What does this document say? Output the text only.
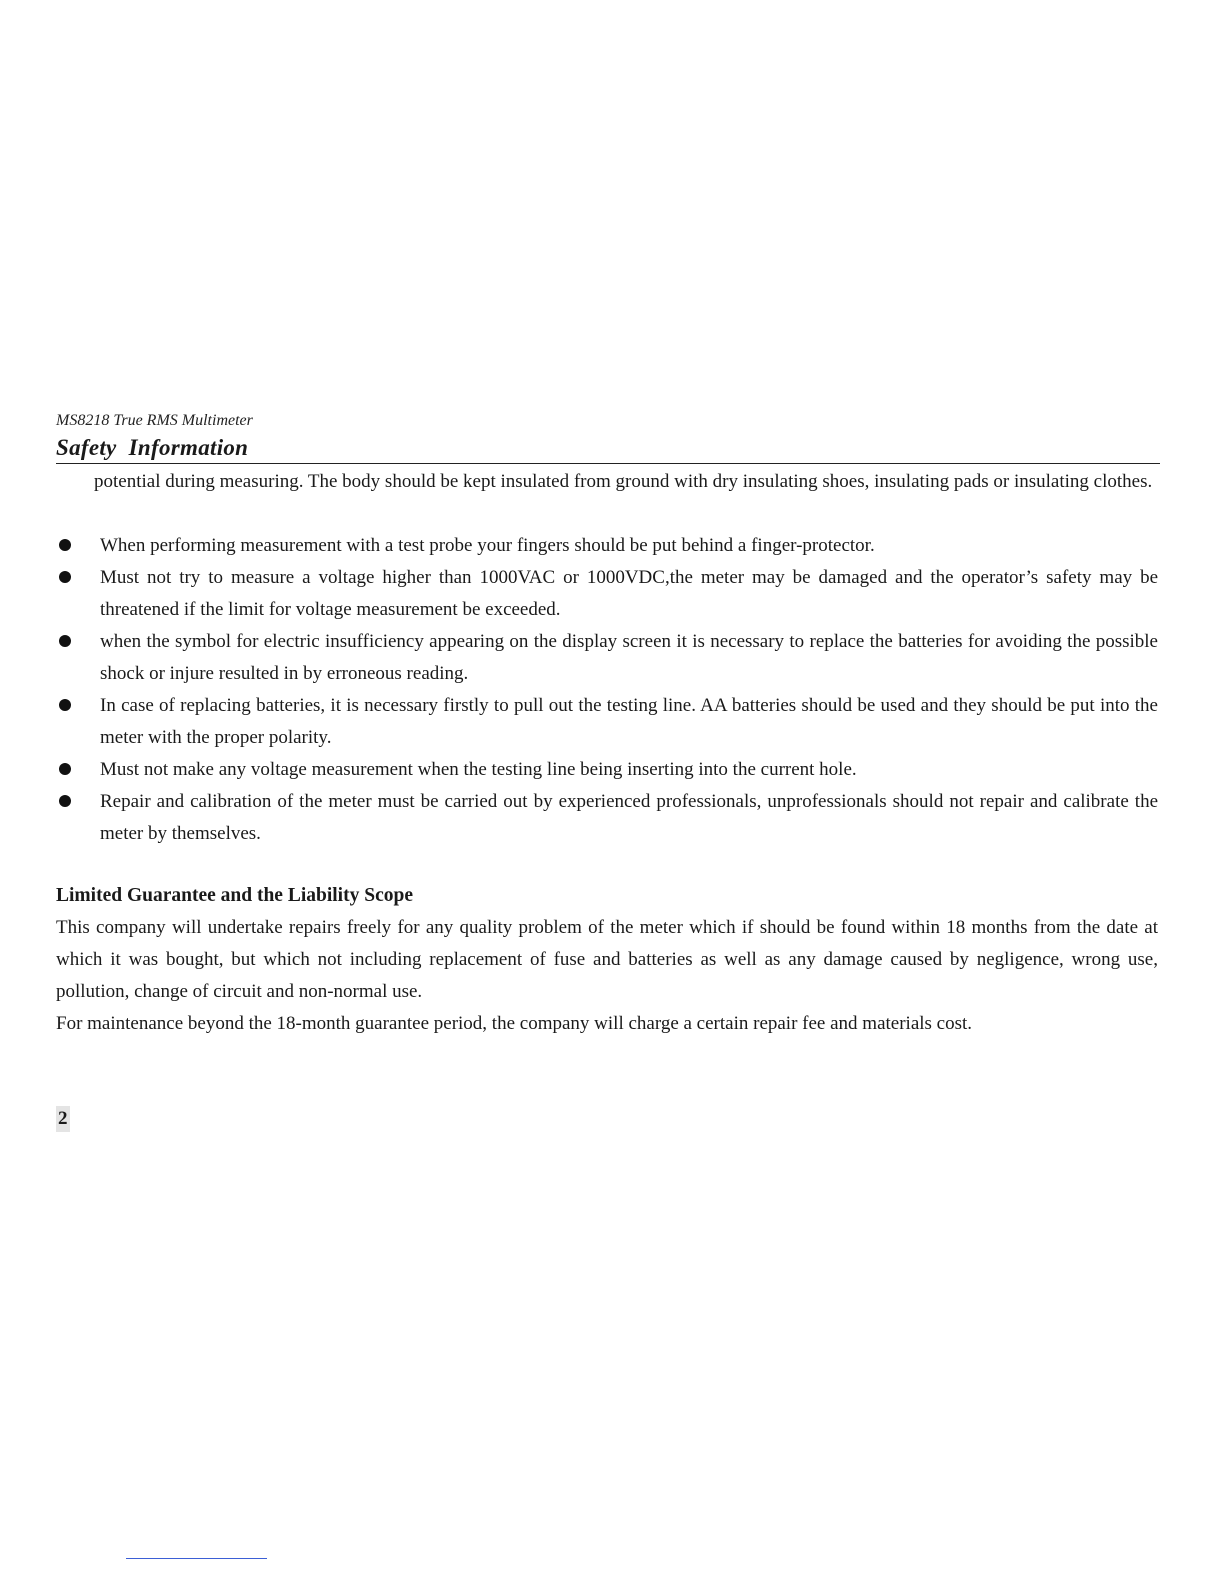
MS8218 True RMS Multimeter
Safety  Information
potential during measuring. The body should be kept insulated from ground with dry insulating shoes, insulating pads or insulating clothes.
When performing measurement with a test probe your fingers should be put behind a finger-protector.
Must not try to measure a voltage higher than 1000VAC or 1000VDC,the meter may be damaged and the operator’s safety may be threatened if the limit for voltage measurement be exceeded.
when the symbol for electric insufficiency appearing on the display screen it is necessary to replace the batteries for avoiding the possible shock or injure resulted in by erroneous reading.
In case of replacing batteries, it is necessary firstly to pull out the testing line. AA batteries should be used and they should be put into the meter with the proper polarity.
Must not make any voltage measurement when the testing line being inserting into the current hole.
Repair and calibration of the meter must be carried out by experienced professionals, unprofessionals should not repair and calibrate the meter by themselves.
Limited Guarantee and the Liability Scope
This company will undertake repairs freely for any quality problem of the meter which if should be found within 18 months from the date at which it was bought, but which not including replacement of fuse and batteries as well as any damage caused by negligence, wrong use, pollution, change of circuit and non-normal use.
For maintenance beyond the 18-month guarantee period, the company will charge a certain repair fee and materials cost.
2
